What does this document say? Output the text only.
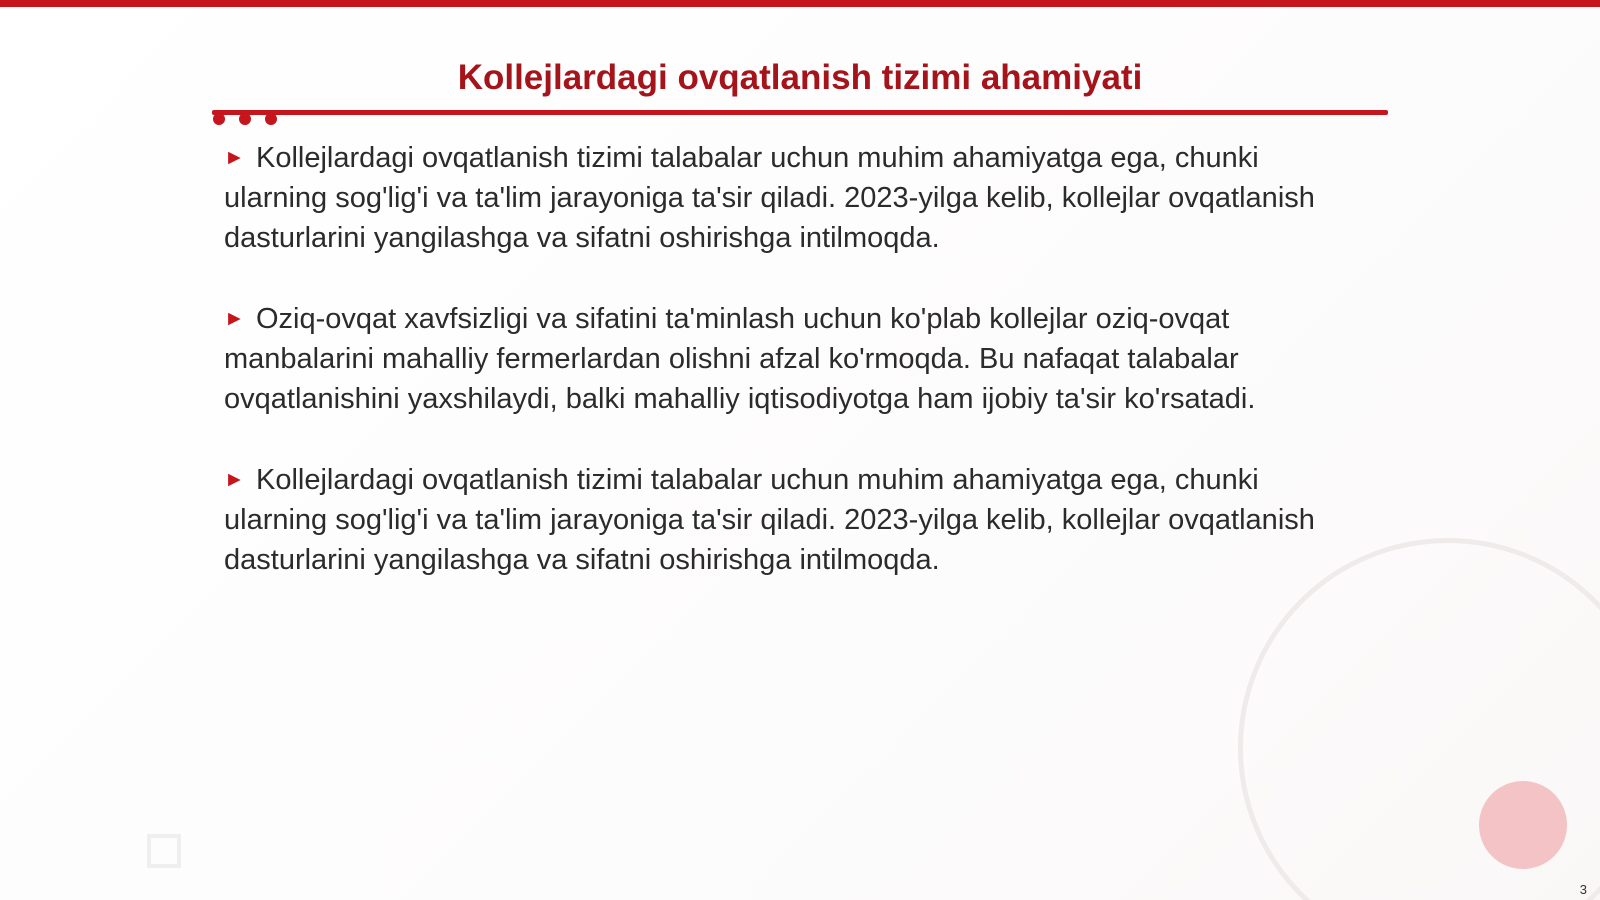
Kollejlardagi ovqatlanish tizimi ahamiyati
► Kollejlardagi ovqatlanish tizimi talabalar uchun muhim ahamiyatga ega, chunki ularning sog'lig'i va ta'lim jarayoniga ta'sir qiladi. 2023-yilga kelib, kollejlar ovqatlanish dasturlarini yangilashga va sifatni oshirishga intilmoqda.
► Oziq-ovqat xavfsizligi va sifatini ta'minlash uchun ko'plab kollejlar oziq-ovqat manbalarini mahalliy fermerlardan olishni afzal ko'rmoqda. Bu nafaqat talabalar ovqatlanishini yaxshilaydi, balki mahalliy iqtisodiyotga ham ijobiy ta'sir ko'rsatadi.
► Kollejlardagi ovqatlanish tizimi talabalar uchun muhim ahamiyatga ega, chunki ularning sog'lig'i va ta'lim jarayoniga ta'sir qiladi. 2023-yilga kelib, kollejlar ovqatlanish dasturlarini yangilashga va sifatni oshirishga intilmoqda.
3
